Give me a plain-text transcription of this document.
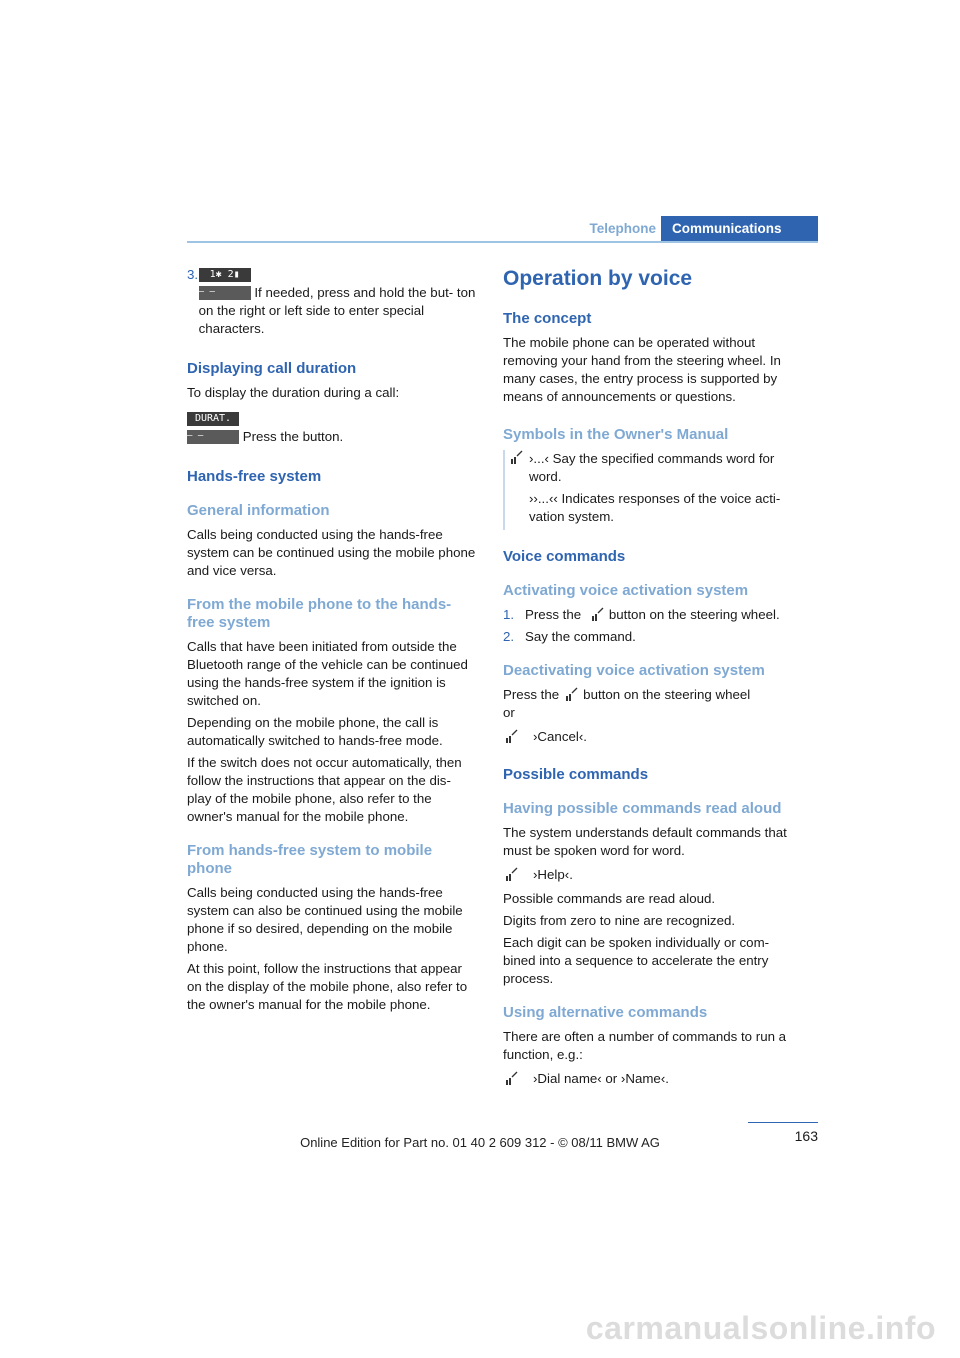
Telephone	Communications
3.	1✱ 2▮
– –	If needed, press and hold the but- ton on the right or left side to enter special characters.
Displaying call duration

To display the duration during a call:

DURAT.
– –	Press the button.
Hands-free system
General information

Calls being conducted using the hands-free system can be continued using the mobile phone and vice versa.

From the mobile phone to the hands-free system

Calls that have been initiated from outside the Bluetooth range of the vehicle can be continued using the hands-free system if the ignition is switched on.

Depending on the mobile phone, the call is automatically switched to hands-free mode.

If the switch does not occur automatically, then follow the instructions that appear on the dis- play of the mobile phone, also refer to the owner's manual for the mobile phone.

From hands-free system to mobile phone

Calls being conducted using the hands-free system can also be continued using the mobile phone if so desired, depending on the mobile phone.

At this point, follow the instructions that appear on the display of the mobile phone, also refer to the owner's manual for the mobile phone.

Operation by voice
The concept

The mobile phone can be operated without removing your hand from the steering wheel. In many cases, the entry process is supported by means of announcements or questions.

Symbols in the Owner's Manual

›...‹ Say the specified commands word for word.

››...‹‹ Indicates responses of the voice acti- vation system.

Voice commands
Activating voice activation system
1. Press the button on the steering wheel.
2. Say the command.
Deactivating voice activation system

Press the button on the steering wheel
or

›Cancel‹.
Possible commands
Having possible commands read aloud

The system understands default commands that must be spoken word for word.

›Help‹.

Possible commands are read aloud.

Digits from zero to nine are recognized.

Each digit can be spoken individually or com- bined into a sequence to accelerate the entry process.

Using alternative commands

There are often a number of commands to run a function, e.g.:

›Dial name‹ or ›Name‹.
163
Online Edition for Part no. 01 40 2 609 312 - © 08/11 BMW AG
carmanualsonline.info
